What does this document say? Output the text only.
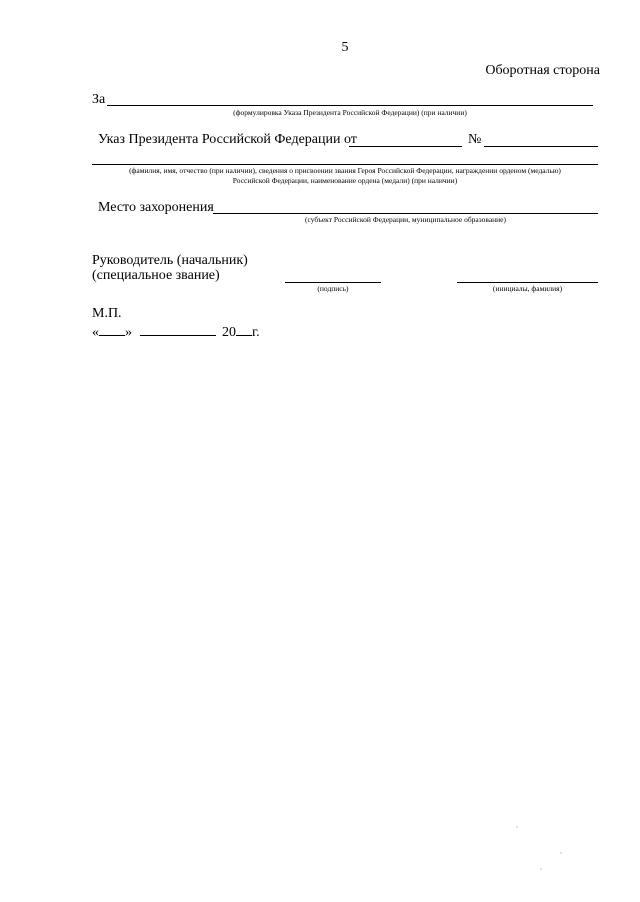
5
Оборотная сторона
За
(формулировка Указа Президента Российской Федерации) (при наличии)
Указ Президента Российской Федерации от	№
(фамилия, имя, отчество (при наличии), сведения о присвоении звания Героя Российской Федерации, награждении орденом (медалью)
Российской Федерации, наименование ордена (медали) (при наличии)
Место захоронения
(субъект Российской Федерации, муниципальное образование)
Руководитель (начальник)
(специальное звание)
(подпись)	(инициалы, фамилия)
М.П.
« »	20 г.
